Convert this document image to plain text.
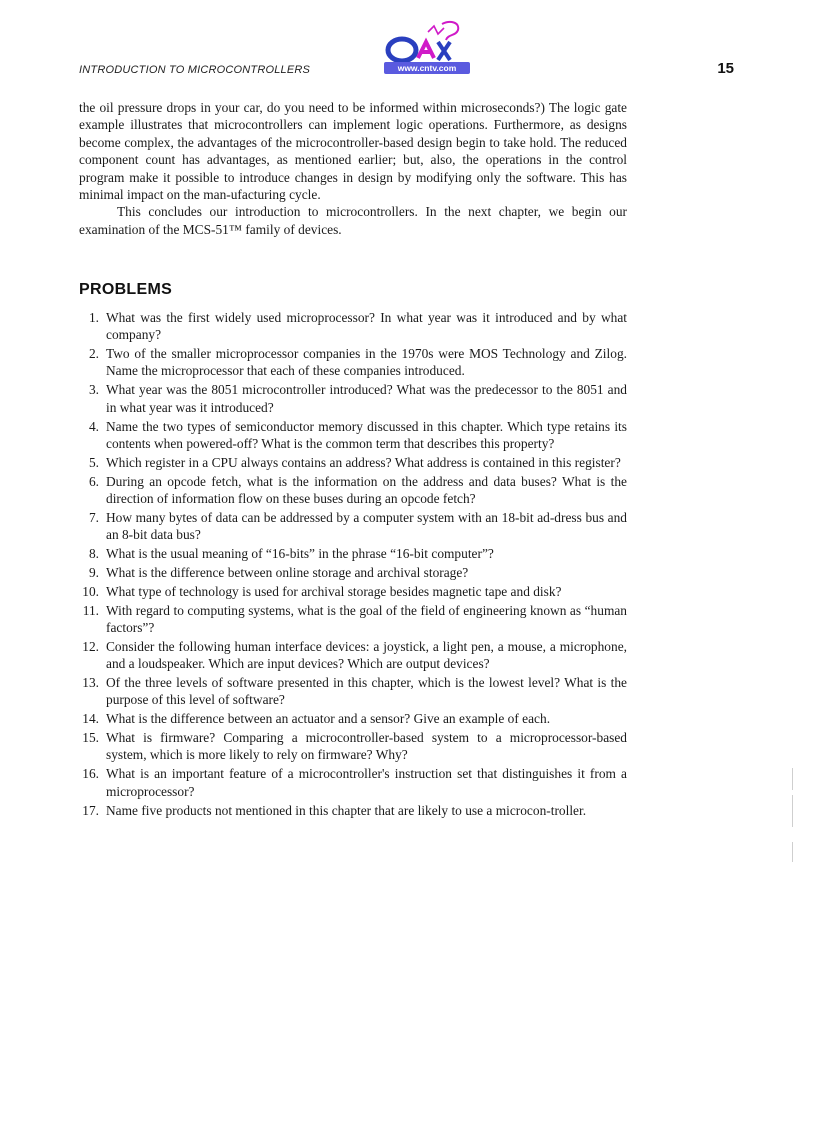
INTRODUCTION TO MICROCONTROLLERS	www.cntv.com	15

the oil pressure drops in your car, do you need to be informed within microseconds?) The logic gate example illustrates that microcontrollers can implement logic operations. Furthermore, as designs become complex, the advantages of the microcontroller-based design begin to take hold. The reduced component count has advantages, as mentioned earlier; but, also, the operations in the control program make it possible to introduce changes in design by modifying only the software. This has minimal impact on the man-ufacturing cycle.

This concludes our introduction to microcontrollers. In the next chapter, we begin our examination of the MCS-51™ family of devices.

PROBLEMS
1. What was the first widely used microprocessor? In what year was it introduced and by what company?
2. Two of the smaller microprocessor companies in the 1970s were MOS Technology and Zilog. Name the microprocessor that each of these companies introduced.
3. What year was the 8051 microcontroller introduced? What was the predecessor to the 8051 and in what year was it introduced?
4. Name the two types of semiconductor memory discussed in this chapter. Which type retains its contents when powered-off? What is the common term that describes this property?
5. Which register in a CPU always contains an address? What address is contained in this register?
6. During an opcode fetch, what is the information on the address and data buses? What is the direction of information flow on these buses during an opcode fetch?
7. How many bytes of data can be addressed by a computer system with an 18-bit ad-dress bus and an 8-bit data bus?
8. What is the usual meaning of “16-bits” in the phrase “16-bit computer”?
9. What is the difference between online storage and archival storage?
10. What type of technology is used for archival storage besides magnetic tape and disk?
11. With regard to computing systems, what is the goal of the field of engineering known as “human factors”?
12. Consider the following human interface devices: a joystick, a light pen, a mouse, a microphone, and a loudspeaker. Which are input devices? Which are output devices?
13. Of the three levels of software presented in this chapter, which is the lowest level? What is the purpose of this level of software?
14. What is the difference between an actuator and a sensor? Give an example of each.
15. What is firmware? Comparing a microcontroller-based system to a microprocessor-based system, which is more likely to rely on firmware? Why?
16. What is an important feature of a microcontroller's instruction set that distinguishes it from a microprocessor?
17. Name five products not mentioned in this chapter that are likely to use a microcon-troller.
